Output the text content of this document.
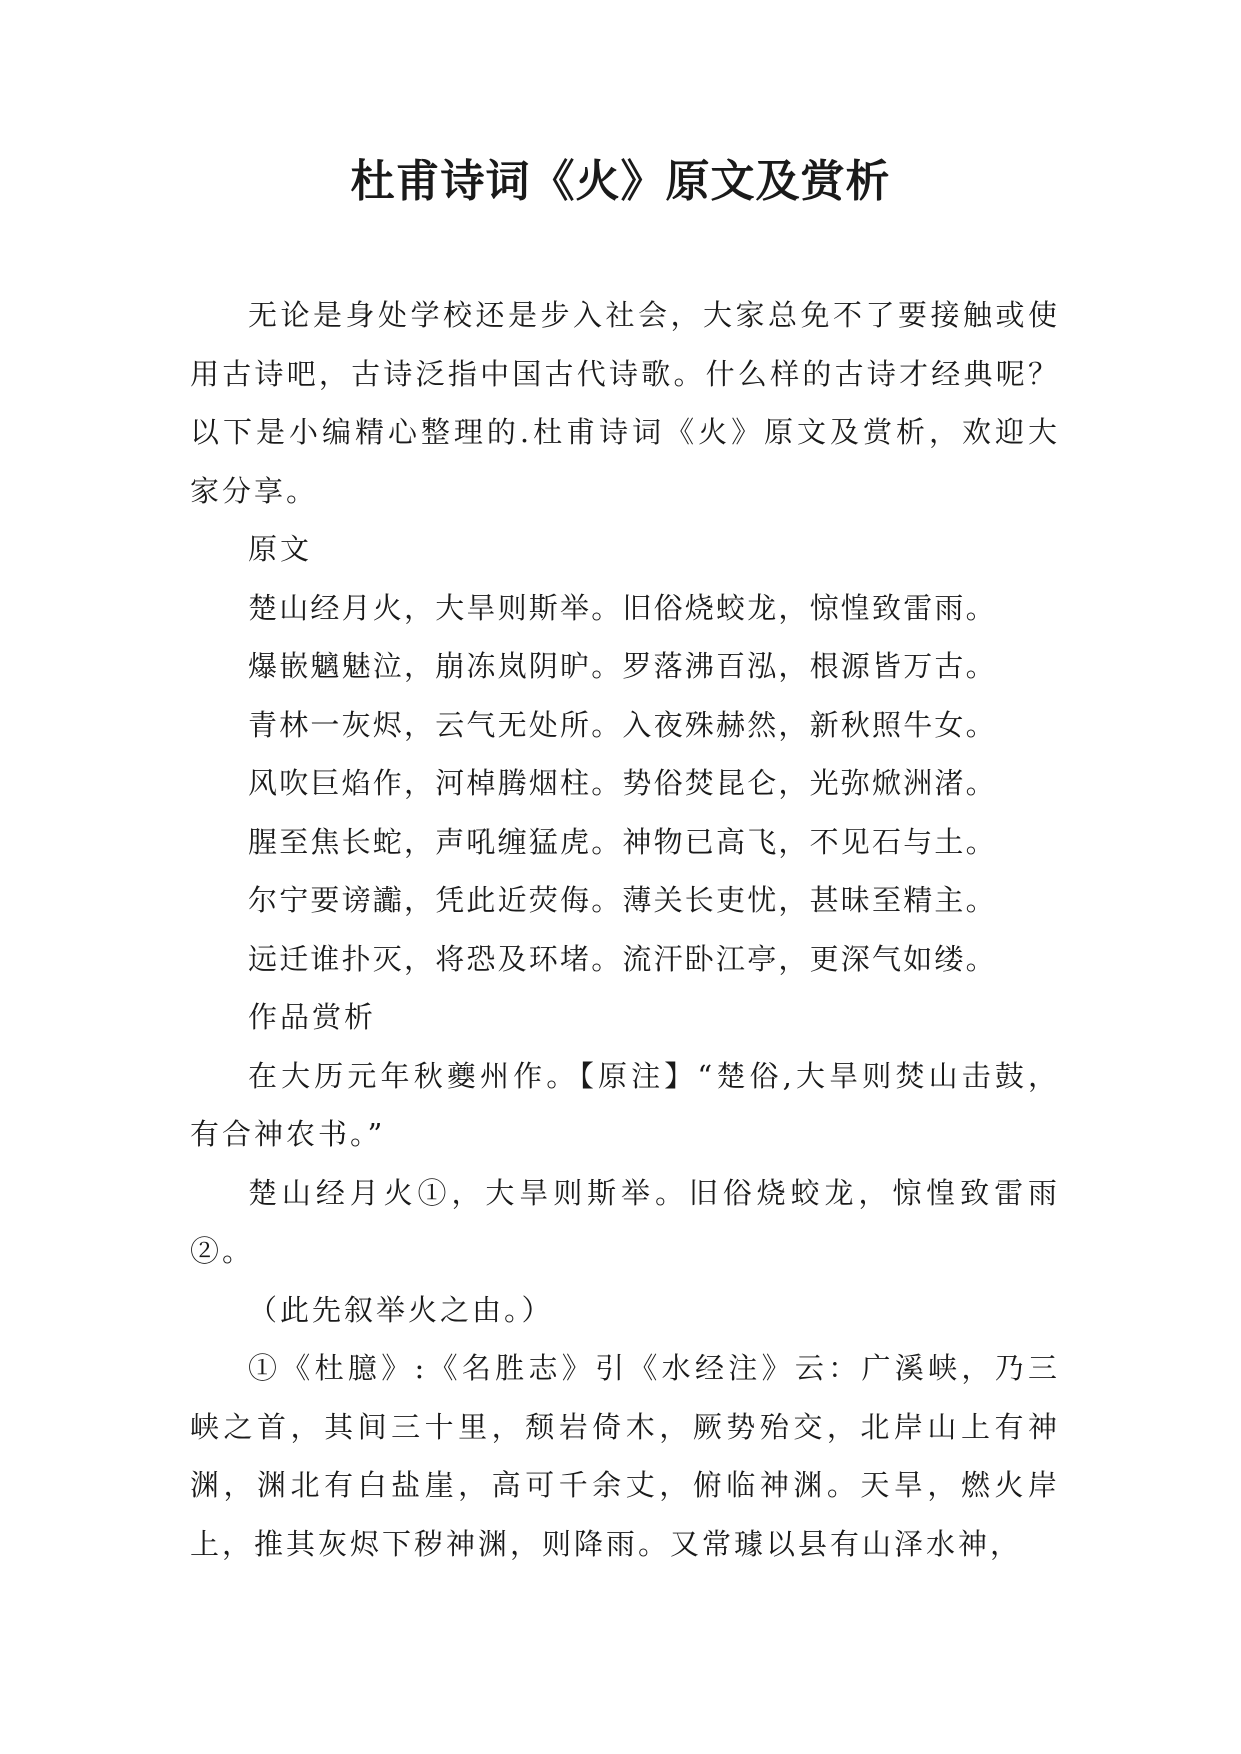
杜甫诗词《火》原文及赏析

无论是身处学校还是步入社会，大家总免不了要接触或使用古诗吧，古诗泛指中国古代诗歌。什么样的古诗才经典呢？以下是小编精心整理的.杜甫诗词《火》原文及赏析，欢迎大家分享。

原文

楚山经月火，大旱则斯举。旧俗烧蛟龙，惊惶致雷雨。

爆嵌魑魅泣，崩冻岚阴昈。罗落沸百泓，根源皆万古。

青林一灰烬，云气无处所。入夜殊赫然，新秋照牛女。

风吹巨焰作，河棹腾烟柱。势俗焚昆仑，光弥焮洲渚。

腥至焦长蛇，声吼缠猛虎。神物已高飞，不见石与土。

尔宁要谤讟，凭此近荧侮。薄关长吏忧，甚昧至精主。

远迁谁扑灭，将恐及环堵。流汗卧江亭，更深气如缕。

作品赏析

在大历元年秋夔州作。【原注】“楚俗,大旱则焚山击鼓，有合神农书。”

楚山经月火①，大旱则斯举。旧俗烧蛟龙，惊惶致雷雨②。

（此先叙举火之由。）

①《杜臆》:《名胜志》引《水经注》云：广溪峡，乃三峡之首，其间三十里，颓岩倚木，厥势殆交，北岸山上有神渊，渊北有白盐崖，高可千余丈，俯临神渊。天旱，燃火岸上，推其灰烬下秽神渊，则降雨。又常璩以县有山泽水神，
